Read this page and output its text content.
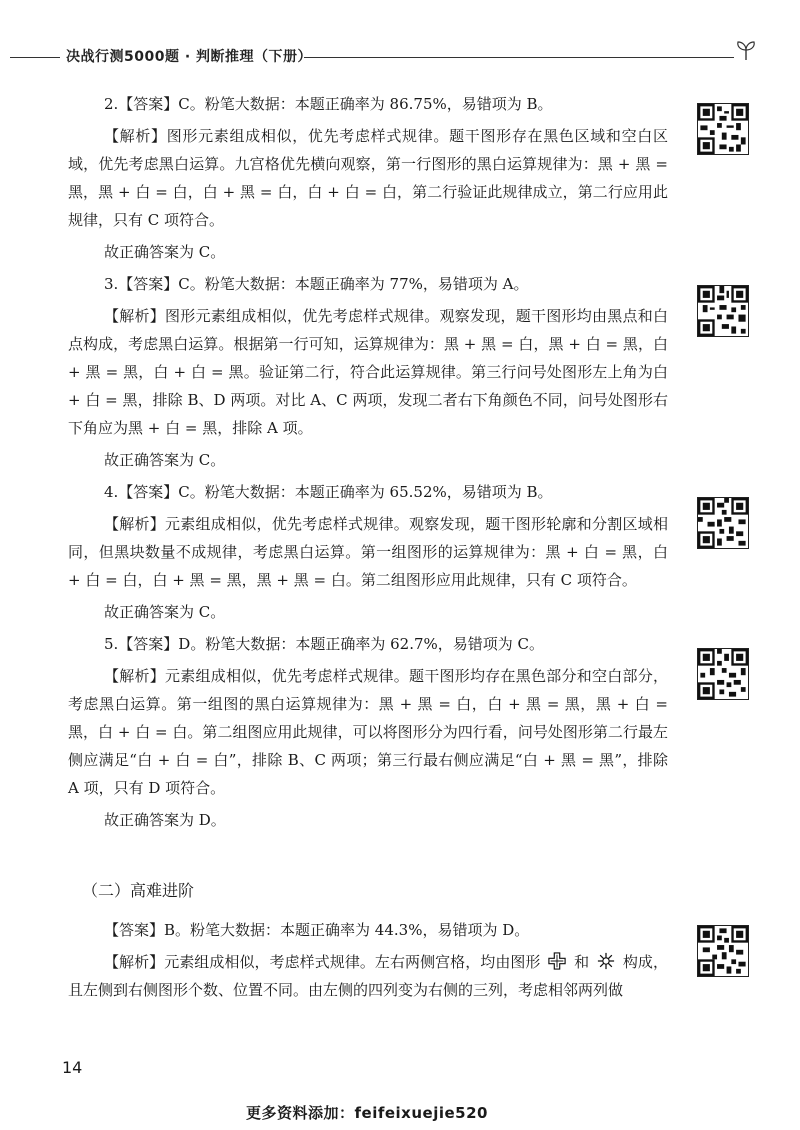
决战行测5000题 · 判断推理（下册）

2.【答案】C。粉笔大数据：本题正确率为 86.75%，易错项为 B。

【解析】图形元素组成相似，优先考虑样式规律。题干图形存在黑色区域和空白区域，优先考虑黑白运算。九宫格优先横向观察，第一行图形的黑白运算规律为：黑 + 黑 = 黑，黑 + 白 = 白，白 + 黑 = 白，白 + 白 = 白，第二行验证此规律成立，第二行应用此规律，只有 C 项符合。

故正确答案为 C。

3.【答案】C。粉笔大数据：本题正确率为 77%，易错项为 A。

【解析】图形元素组成相似，优先考虑样式规律。观察发现，题干图形均由黑点和白点构成，考虑黑白运算。根据第一行可知，运算规律为：黑 + 黑 = 白，黑 + 白 = 黑，白 + 黑 = 黑，白 + 白 = 黑。验证第二行，符合此运算规律。第三行问号处图形左上角为白 + 白 = 黑，排除 B、D 两项。对比 A、C 两项，发现二者右下角颜色不同，问号处图形右下角应为黑 + 白 = 黑，排除 A 项。

故正确答案为 C。

4.【答案】C。粉笔大数据：本题正确率为 65.52%，易错项为 B。

【解析】元素组成相似，优先考虑样式规律。观察发现，题干图形轮廓和分割区域相同，但黑块数量不成规律，考虑黑白运算。第一组图形的运算规律为：黑 + 白 = 黑，白 + 白 = 白，白 + 黑 = 黑，黑 + 黑 = 白。第二组图形应用此规律，只有 C 项符合。

故正确答案为 C。

5.【答案】D。粉笔大数据：本题正确率为 62.7%，易错项为 C。

【解析】元素组成相似，优先考虑样式规律。题干图形均存在黑色部分和空白部分，考虑黑白运算。第一组图的黑白运算规律为：黑 + 黑 = 白，白 + 黑 = 黑，黑 + 白 = 黑，白 + 白 = 白。第二组图应用此规律，可以将图形分为四行看，问号处图形第二行最左侧应满足“白 + 白 = 白”，排除 B、C 两项；第三行最右侧应满足“白 + 黑 = 黑”，排除 A 项，只有 D 项符合。

故正确答案为 D。

（二）高难进阶

【答案】B。粉笔大数据：本题正确率为 44.3%，易错项为 D。

【解析】元素组成相似，考虑样式规律。左右两侧宫格，均由图形 和 构成，且左侧到右侧图形个数、位置不同。由左侧的四列变为右侧的三列，考虑相邻两列做

14
更多资料添加：feifeixuejie520
